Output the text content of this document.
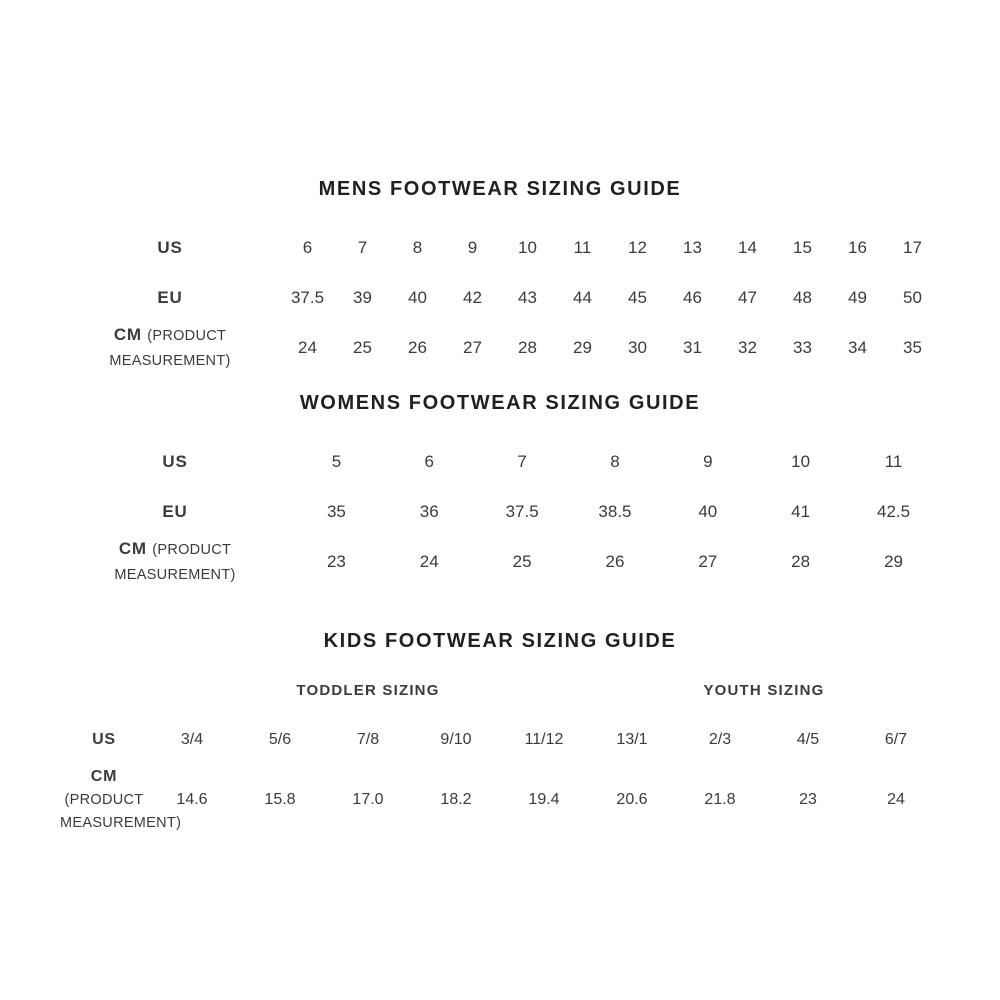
MENS FOOTWEAR SIZING GUIDE
US	6	7	8	9	10	11	12	13	14	15	16	17
EU	37.5	39	40	42	43	44	45	46	47	48	49	50
CM (PRODUCT MEASUREMENT)	24	25	26	27	28	29	30	31	32	33	34	35
WOMENS FOOTWEAR SIZING GUIDE
US	5	6	7	8	9	10	11
EU	35	36	37.5	38.5	40	41	42.5
CM (PRODUCT MEASUREMENT)	23	24	25	26	27	28	29
KIDS FOOTWEAR SIZING GUIDE
	TODDLER SIZING					YOUTH SIZING			
US	3/4	5/6	7/8	9/10	11/12	13/1	2/3	4/5	6/7
CM (PRODUCT MEASUREMENT)	14.6	15.8	17.0	18.2	19.4	20.6	21.8	23	24
